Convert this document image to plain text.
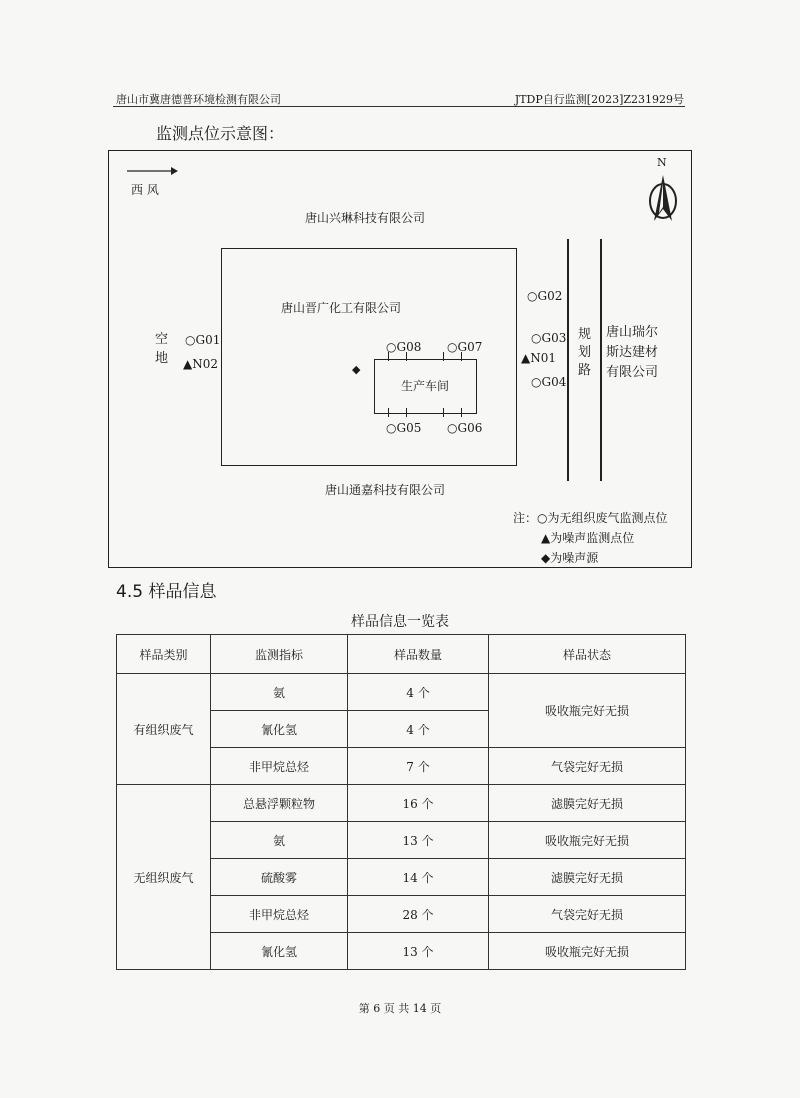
唐山市冀唐德普环境检测有限公司	JTDP自行监测[2023]Z231929号
监测点位示意图：
西 风
N
唐山兴琳科技有限公司
唐山晋广化工有限公司
生产车间
◆
空
地
○G01
▲N02
○G08 ○G07
○G05 ○G06
○G02
○G03
▲N01
○G04
规
划
路
唐山瑞尔
斯达建材
有限公司
唐山通嘉科技有限公司
注：○为无组织废气监测点位
▲为噪声监测点位
◆为噪声源
4.5 样品信息
样品信息一览表
样品类别	监测指标	样品数量	样品状态
有组织废气	氨	4 个	吸收瓶完好无损
	氰化氢	4 个	
	非甲烷总烃	7 个	气袋完好无损
无组织废气	总悬浮颗粒物	16 个	滤膜完好无损
	氨	13 个	吸收瓶完好无损
	硫酸雾	14 个	滤膜完好无损
	非甲烷总烃	28 个	气袋完好无损
	氰化氢	13 个	吸收瓶完好无损
第 6 页 共 14 页
